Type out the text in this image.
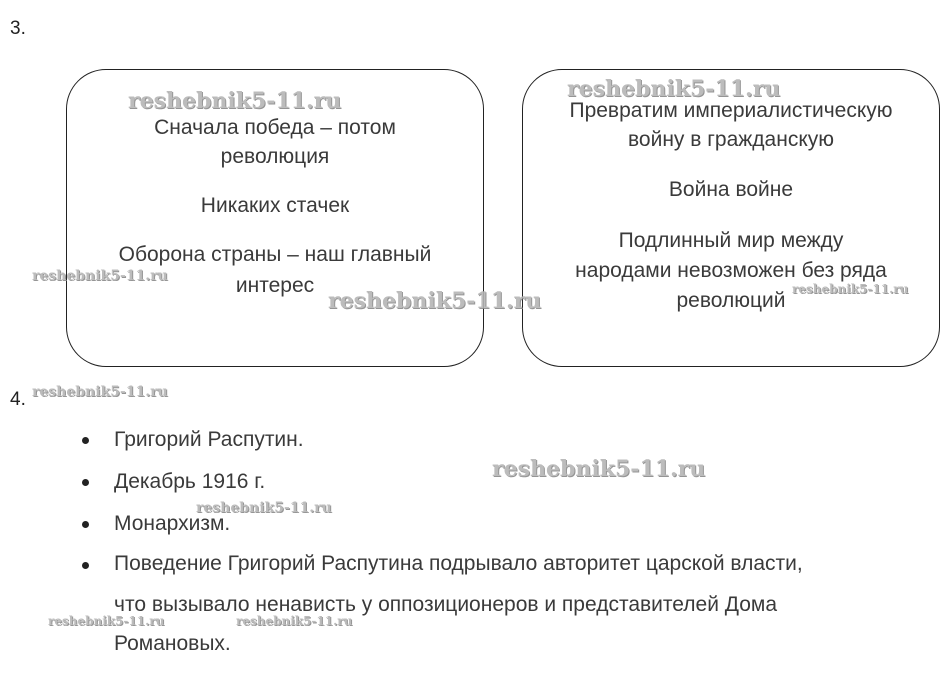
3.
Сначала победа – потом
революция
Никаких стачек
Оборона страны – наш главный
интерес
Превратим империалистическую
войну в гражданскую
Война войне
Подлинный мир между
народами невозможен без ряда
революций
4.
Григорий Распутин.
Декабрь 1916 г.
Монархизм.
Поведение Григорий Распутина подрывало авторитет царской власти,
что вызывало ненависть у оппозиционеров и представителей Дома
Романовых.
reshebnik5-11.ru	reshebnik5-11.ru
reshebnik5-11.ru
reshebnik5-11.ru
reshebnik5-11.ru
reshebnik5-11.ru
reshebnik5-11.ru
reshebnik5-11.ru
reshebnik5-11.ru	reshebnik5-11.ru
